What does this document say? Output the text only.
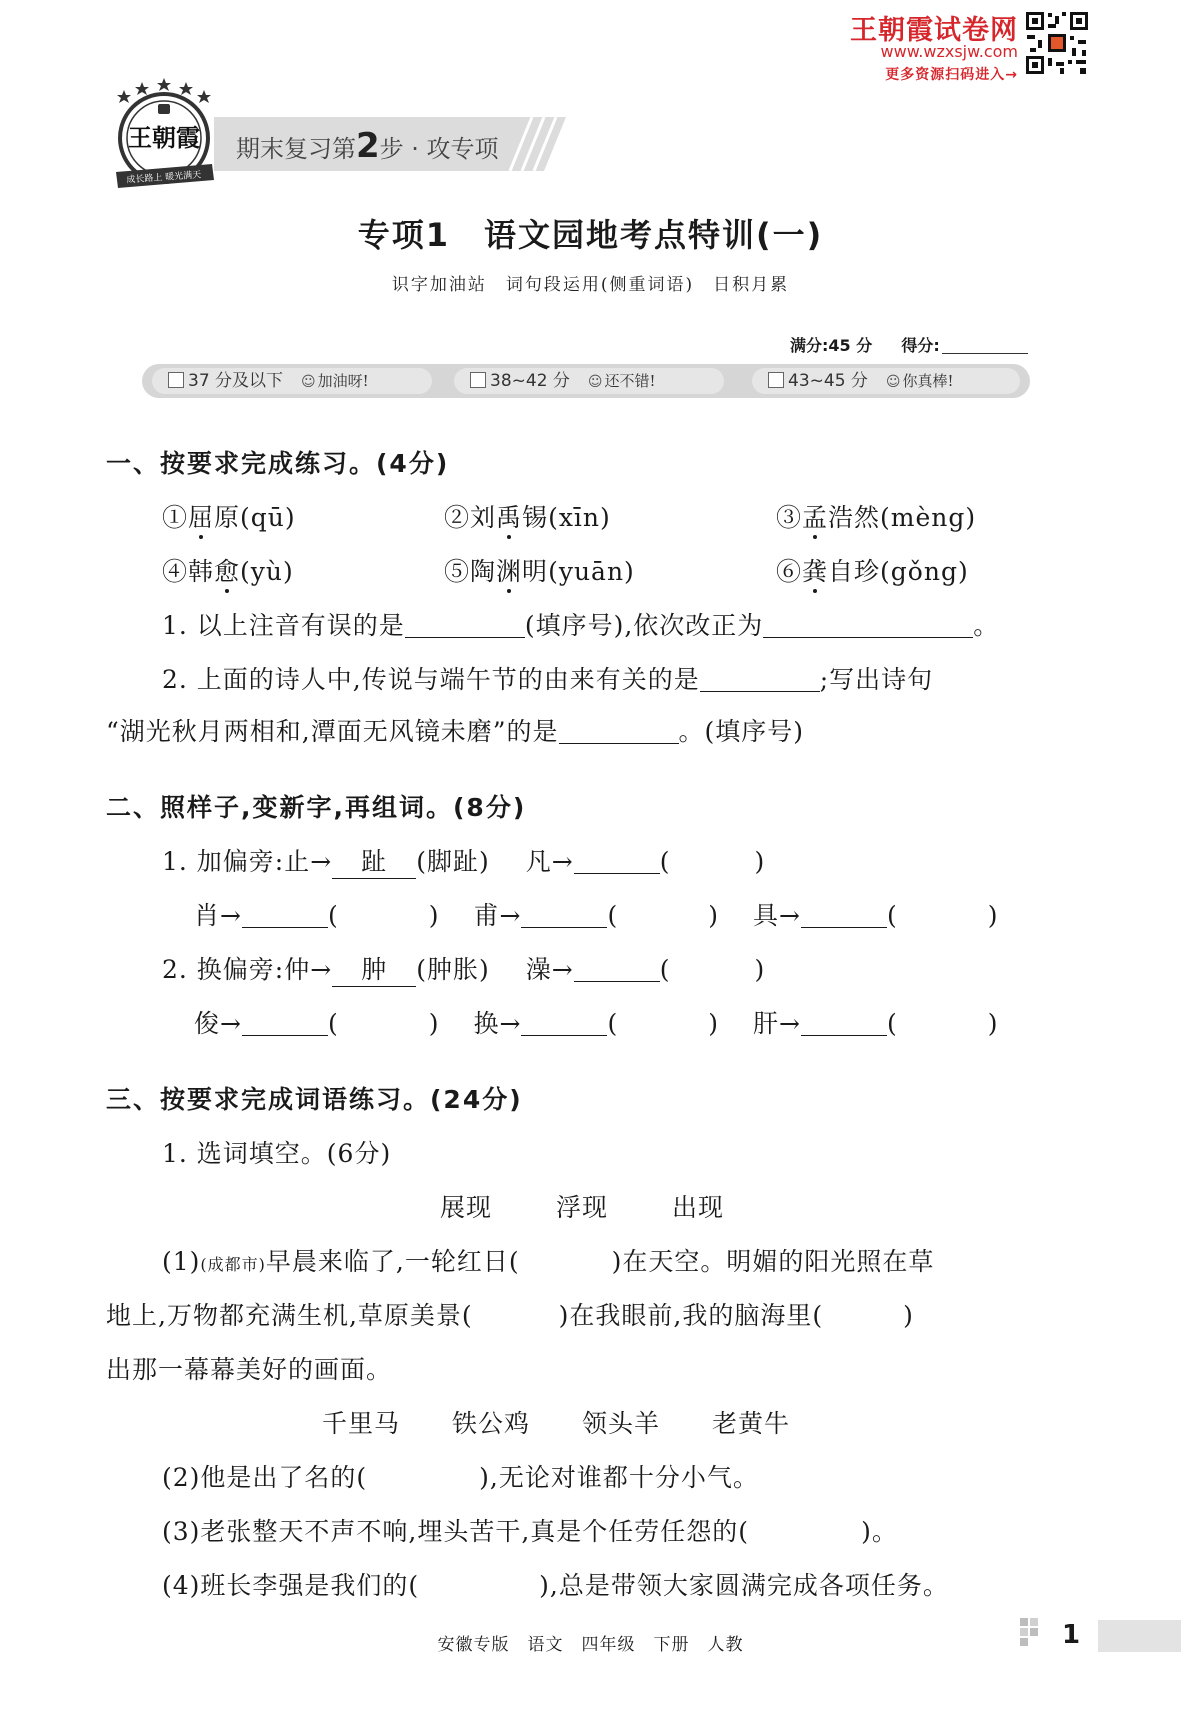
王朝霞试卷网
www.wzxsjw.com
更多资源扫码进入→
王朝霞
成长路上 暖光满天
期末复习第2步 · 攻专项
专项1　语文园地考点特训(一)
识字加油站　词句段运用(侧重词语)　日积月累
满分:45 分 得分:
37 分及以下 ☺ 加油呀!	38~42 分 ☺ 还不错!	43~45 分 ☺ 你真棒!
一、按要求完成练习。(4分)
①屈原(qū)	②刘禹锡(xīn)	③孟浩然(mèng)
④韩愈(yù)	⑤陶渊明(yuān)	⑥龚自珍(gǒng)
1. 以上注音有误的是	(填序号),依次改正为	。
2. 上面的诗人中,传说与端午节的由来有关的是	;写出诗句
“湖光秋月两相和,潭面无风镜未磨”的是	。(填序号)
二、照样子,变新字,再组词。(8分)
1. 加偏旁:止→ 趾 (脚趾) 凡→	(	)
肖→	(	) 甫→	(	) 具→	(	)
2. 换偏旁:仲→ 肿 (肿胀) 澡→	(	)
俊→	(	) 换→	(	) 肝→	(	)
三、按要求完成词语练习。(24分)
1. 选词填空。(6分)
展现	浮现	出现
(1)(成都市)早晨来临了,一轮红日(	)在天空。明媚的阳光照在草
地上,万物都充满生机,草原美景(	)在我眼前,我的脑海里(	)
出那一幕幕美好的画面。
千里马 铁公鸡 领头羊 老黄牛
(2)他是出了名的(	),无论对谁都十分小气。
(3)老张整天不声不响,埋头苦干,真是个任劳任怨的(	)。
(4)班长李强是我们的(	),总是带领大家圆满完成各项任务。
安徽专版　语文　四年级　下册　人教	1
